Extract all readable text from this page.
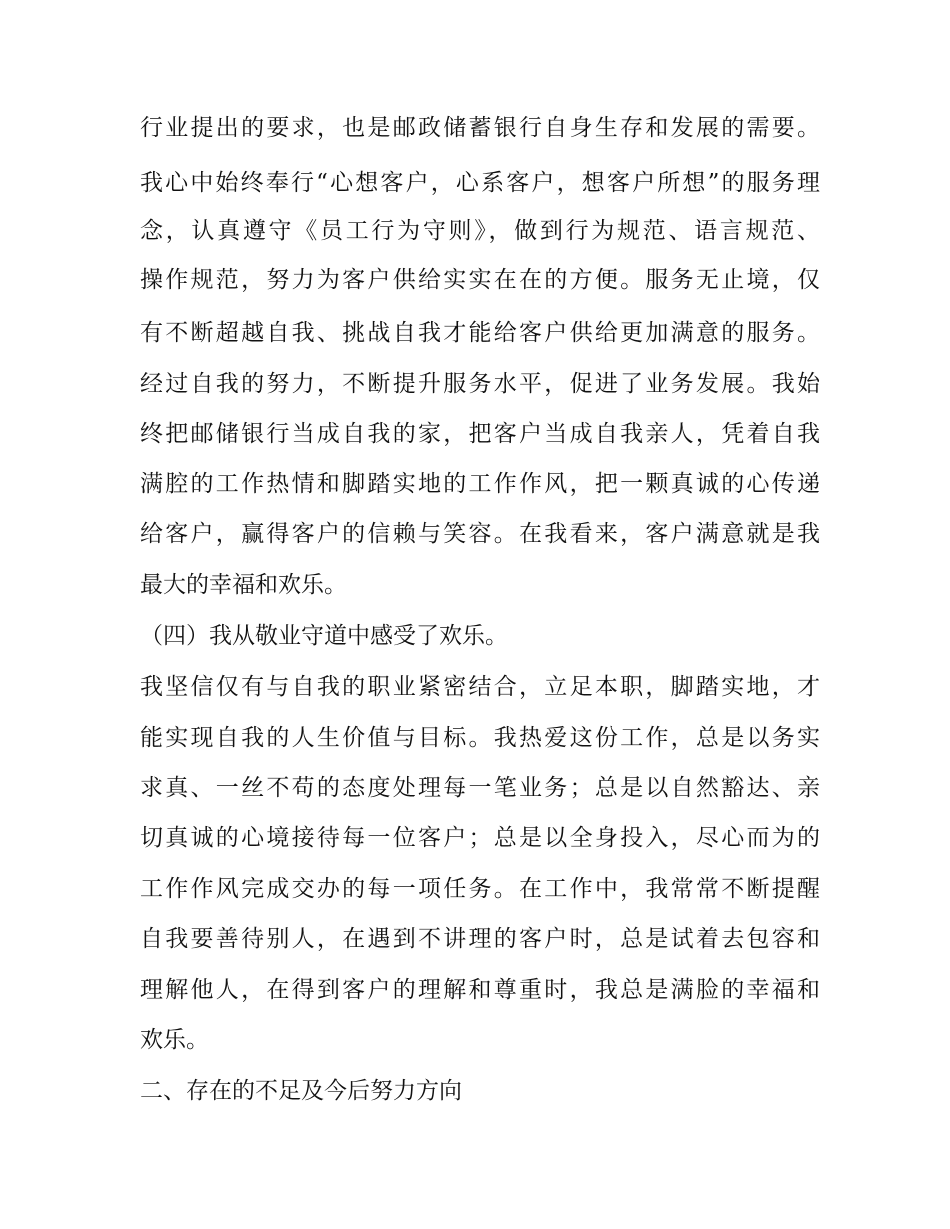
行业提出的要求，也是邮政储蓄银行自身生存和发展的需要。
我心中始终奉行“心想客户，心系客户，想客户所想”的服务理
念，认真遵守《员工行为守则》，做到行为规范、语言规范、
操作规范，努力为客户供给实实在在的方便。服务无止境，仅
有不断超越自我、挑战自我才能给客户供给更加满意的服务。
经过自我的努力，不断提升服务水平，促进了业务发展。我始
终把邮储银行当成自我的家，把客户当成自我亲人，凭着自我
满腔的工作热情和脚踏实地的工作作风，把一颗真诚的心传递
给客户，赢得客户的信赖与笑容。在我看来，客户满意就是我
最大的幸福和欢乐。
（四）我从敬业守道中感受了欢乐。
我坚信仅有与自我的职业紧密结合，立足本职，脚踏实地，才
能实现自我的人生价值与目标。我热爱这份工作，总是以务实
求真、一丝不苟的态度处理每一笔业务；总是以自然豁达、亲
切真诚的心境接待每一位客户；总是以全身投入，尽心而为的
工作作风完成交办的每一项任务。在工作中，我常常不断提醒
自我要善待别人，在遇到不讲理的客户时，总是试着去包容和
理解他人，在得到客户的理解和尊重时，我总是满脸的幸福和
欢乐。
二、存在的不足及今后努力方向
